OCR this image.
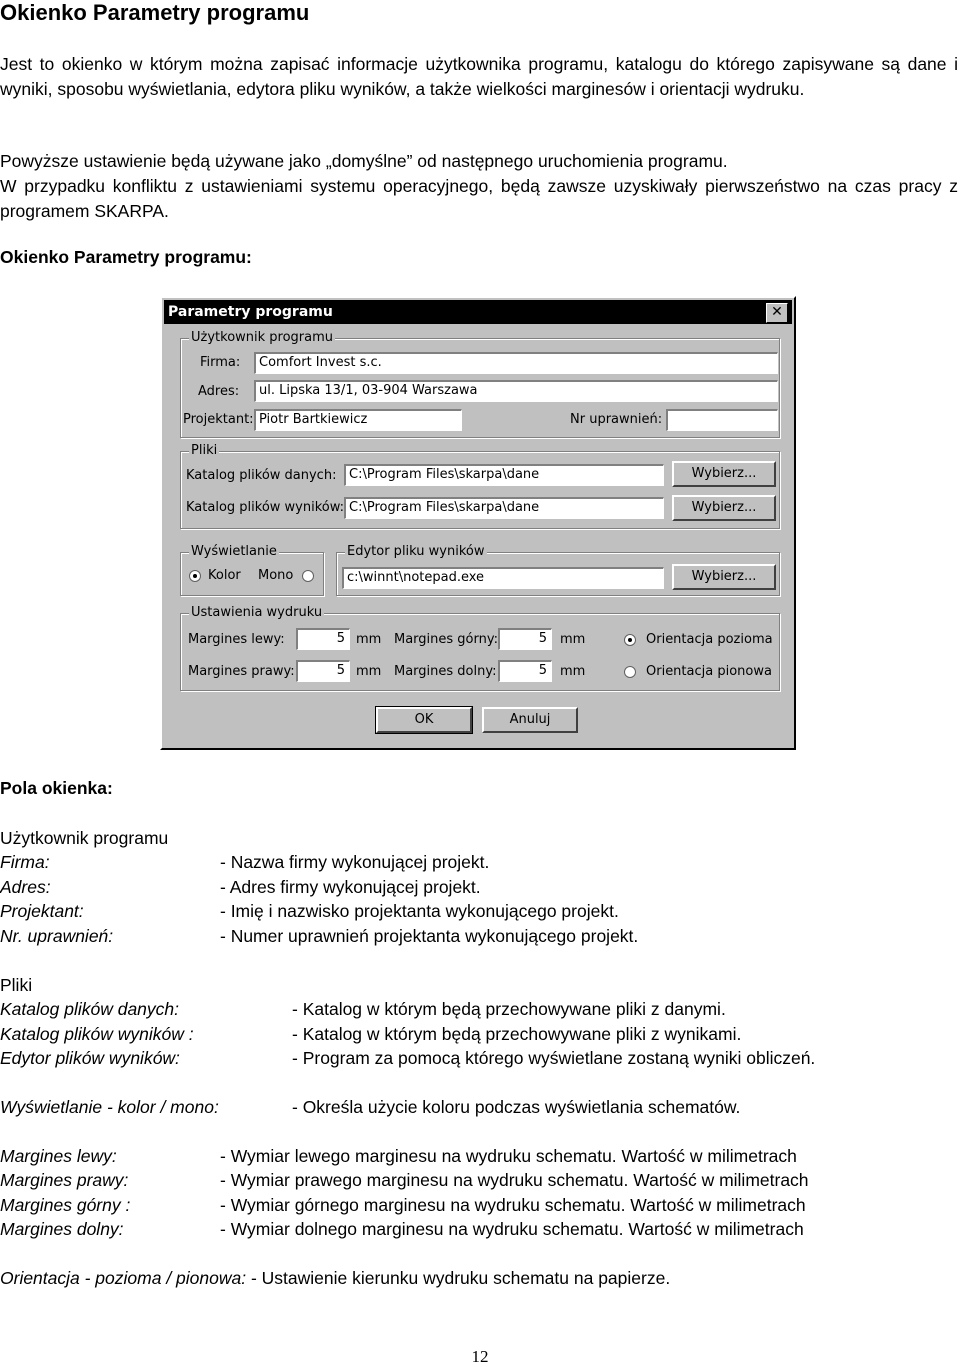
Okienko Parametry programu
Jest to okienko w którym można zapisać informacje użytkownika programu, katalogu do którego zapisywane są dane i wyniki, sposobu wyświetlania, edytora pliku wyników, a także wielkości marginesów i orientacji wydruku.
Powyższe ustawienie będą używane jako „domyślne” od następnego uruchomienia programu.
W przypadku konfliktu z ustawieniami systemu operacyjnego, będą zawsze uzyskiwały pierwszeństwo na czas pracy z programem SKARPA.
Okienko Parametry programu:
Parametry programu	✕
Użytkownik programu
Firma:	Comfort Invest s.c.
Adres:	ul. Lipska 13/1, 03-904 Warszawa
Projektant: Piotr Bartkiewicz	Nr uprawnień:
Pliki
Katalog plików danych: C:\Program Files\skarpa\dane	Wybierz...
Katalog plików wyników: C:\Program Files\skarpa\dane	Wybierz...
Wyświetlanie
Kolor Mono
Edytor pliku wyników
c:\winnt\notepad.exe	Wybierz...
Ustawienia wydruku
Margines lewy:	5 mm Margines górny:	5	mm	Orientacja pozioma
Margines prawy:	5 mm Margines dolny:	5	mm	Orientacja pionowa
OK	Anuluj
Pola okienka:
Użytkownik programu
Firma:	- Nazwa firmy wykonującej projekt.
Adres:	- Adres firmy wykonującej projekt.
Projektant:	- Imię i nazwisko projektanta wykonującego projekt.
Nr. uprawnień:	- Numer uprawnień projektanta wykonującego projekt.
Pliki
Katalog plików danych:	- Katalog w którym będą przechowywane pliki z danymi.
Katalog plików wyników :	- Katalog w którym będą przechowywane pliki z wynikami.
Edytor plików wyników:	- Program za pomocą którego wyświetlane zostaną wyniki obliczeń.
Wyświetlanie - kolor / mono:	- Określa użycie koloru podczas wyświetlania schematów.
Margines lewy:	- Wymiar lewego marginesu na wydruku schematu. Wartość w milimetrach
Margines prawy:	- Wymiar prawego marginesu na wydruku schematu. Wartość w milimetrach
Margines górny :	- Wymiar górnego marginesu na wydruku schematu. Wartość w milimetrach
Margines dolny:	- Wymiar dolnego marginesu na wydruku schematu. Wartość w milimetrach
Orientacja - pozioma / pionowa: - Ustawienie kierunku wydruku schematu na papierze.
12
